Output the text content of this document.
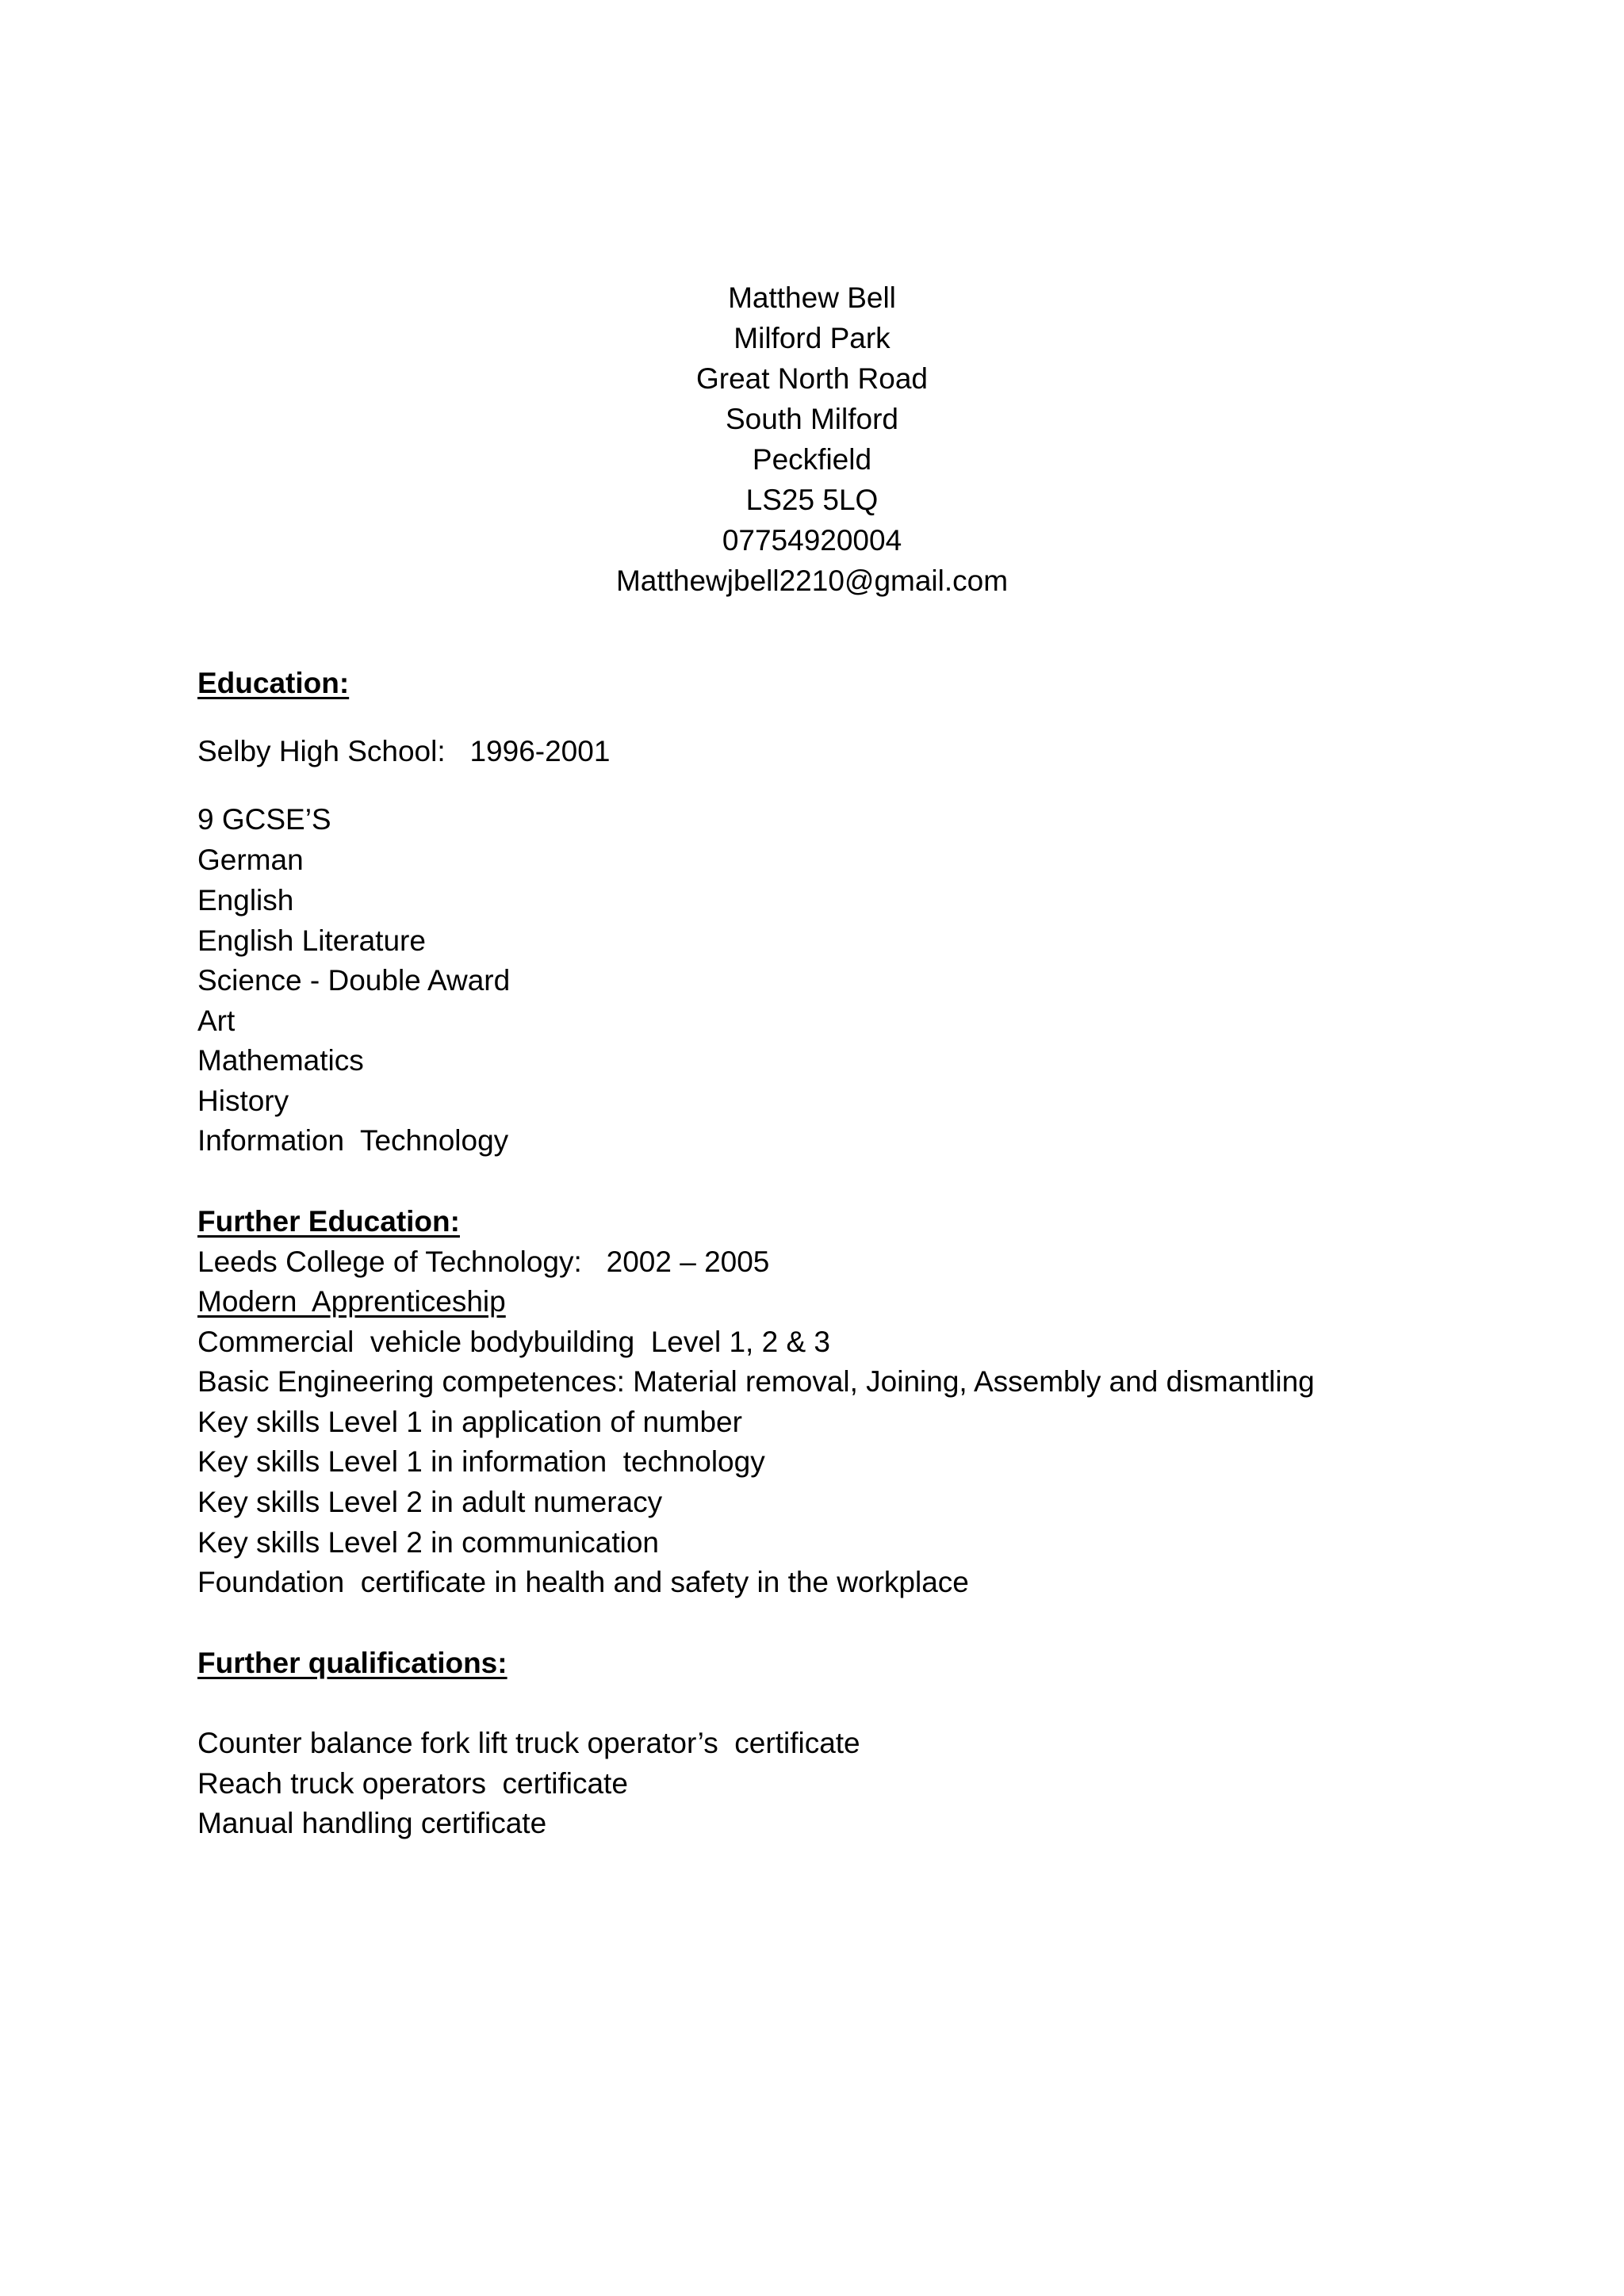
Matthew Bell
Milford Park
Great North Road
South Milford
Peckfield
LS25 5LQ
07754920004
Matthewjbell2210@gmail.com
Education:
Selby High School:   1996-2001
9 GCSE’S
German
English
English Literature
Science - Double Award
Art
Mathematics
History
Information  Technology
Further Education:
Leeds College of Technology:   2002 – 2005
Modern  Apprenticeship
Commercial  vehicle bodybuilding  Level 1, 2 & 3
Basic Engineering competences: Material removal, Joining, Assembly and dismantling
Key skills Level 1 in application of number
Key skills Level 1 in information  technology
Key skills Level 2 in adult numeracy
Key skills Level 2 in communication
Foundation  certificate in health and safety in the workplace
Further qualifications:
Counter balance fork lift truck operator’s  certificate
Reach truck operators  certificate
Manual handling certificate
